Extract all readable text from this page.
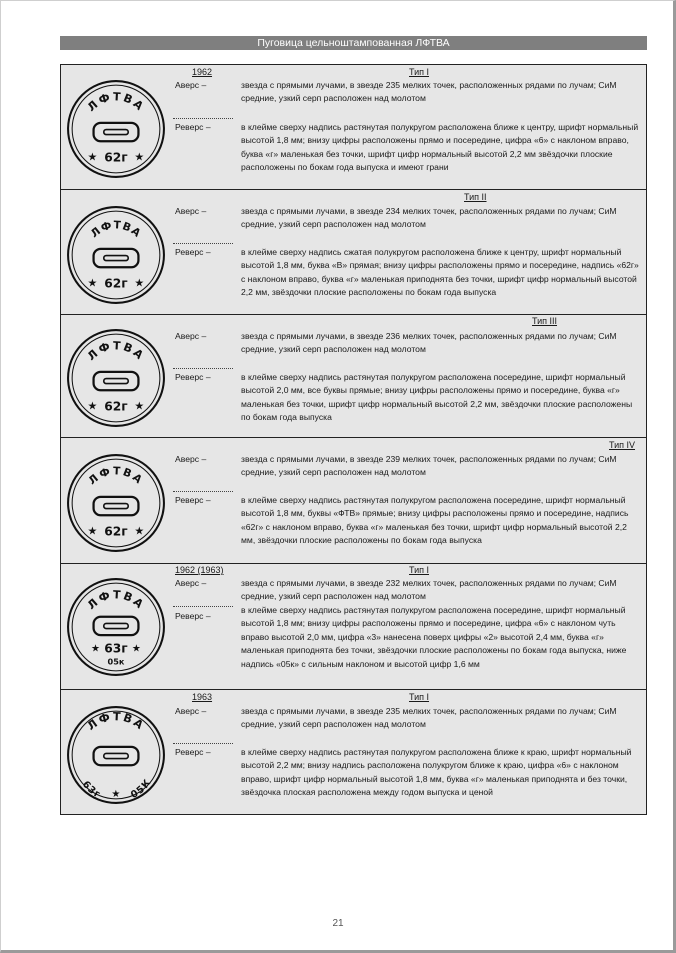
Пуговица цельноштампованная ЛФТВА
ЛФТВА
62г
★	★
1962	Тип I
Аверс –	звезда с прямыми лучами, в звезде 235 мелких точек, расположенных рядами по лучам; СиМ средние, узкий серп расположен над молотом
Реверс –	в клейме сверху надпись растянутая полукругом расположена ближе к центру, шрифт нормальный высотой 1,8 мм; внизу цифры расположены прямо и посередине, цифра «6» с наклоном вправо, буква «г» маленькая без точки, шрифт цифр нормальный высотой 2,2 мм звёздочки плоские расположены по бокам года выпуска и имеют грани
ЛФТВА
62г
★	★
Тип II
Аверс –	звезда с прямыми лучами, в звезде 234 мелких точек, расположенных рядами по лучам; СиМ средние, узкий серп расположен над молотом
Реверс –	в клейме сверху надпись сжатая полукругом расположена ближе к центру, шрифт нормальный высотой 1,8 мм, буква «В» прямая; внизу цифры расположены прямо и посередине, надпись «62г» с наклоном вправо, буква «г» маленькая приподнята без точки, шрифт цифр нормальный высотой 2,2 мм, звёздочки плоские расположены по бокам года выпуска
ЛФТВА
62г
★	★
Тип III
Аверс –	звезда с прямыми лучами, в звезде 236 мелких точек, расположенных рядами по лучам; СиМ средние, узкий серп расположен над молотом
Реверс –	в клейме сверху надпись растянутая полукругом расположена посередине, шрифт нормальный высотой 2,0 мм, все буквы прямые; внизу цифры расположены прямо и посередине, буква «г» маленькая без точки, шрифт цифр нормальный высотой 2,2 мм, звёздочки плоские расположены по бокам года выпуска
ЛФТВА
62г
★	★
Тип IV
Аверс –	звезда с прямыми лучами, в звезде 239 мелких точек, расположенных рядами по лучам; СиМ средние, узкий серп расположен над молотом
Реверс –	в клейме сверху надпись растянутая полукругом расположена посередине, шрифт нормальный высотой 1,8 мм, буквы «ФТВ» прямые; внизу цифры расположены прямо и посередине, надпись «62г» с наклоном вправо, буква «г» маленькая без точки, шрифт цифр нормальный высотой 2,2 мм, звёздочки плоские расположены по бокам года выпуска
ЛФТВА
63г
★	★
05к
1962 (1963)	Тип I
Аверс –	звезда с прямыми лучами, в звезде 232 мелких точек, расположенных рядами по лучам; СиМ средние, узкий серп расположен над молотом
Реверс –
в клейме сверху надпись растянутая полукругом расположена посередине, шрифт нормальный высотой 1,8 мм; внизу цифры расположены прямо и посередине, цифра «6» с наклоном чуть вправо высотой 2,0 мм, цифра «3» нанесена поверх цифры «2» высотой 2,4 мм, буква «г» маленькая приподнята без точки, звёздочки плоские расположены по бокам года выпуска, ниже надпись «05к» с сильным наклоном и высотой цифр 1,6 мм
ЛФТВА
63г	05К
★
1963	Тип I
Аверс –	звезда с прямыми лучами, в звезде 235 мелких точек, расположенных рядами по лучам; СиМ средние, узкий серп расположен над молотом
Реверс –	в клейме сверху надпись растянутая полукругом расположена ближе к краю, шрифт нормальный высотой 2,2 мм; внизу надпись расположена полукругом ближе к краю, цифра «6» с наклоном вправо, шрифт цифр нормальный высотой 1,8 мм, буква «г» маленькая приподнята и без точки, звёздочка плоская расположена между годом выпуска и ценой
21
